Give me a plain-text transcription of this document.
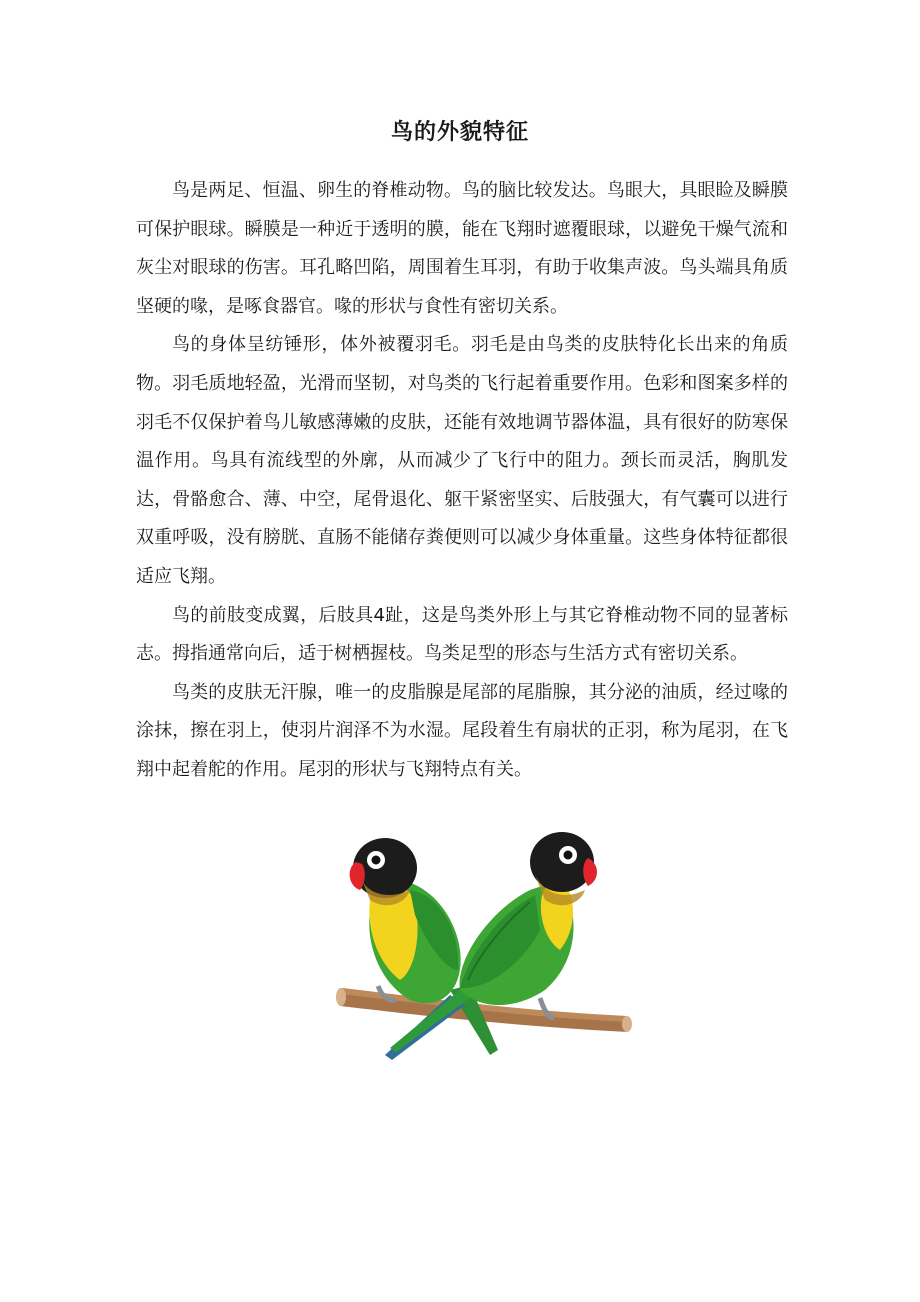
鸟的外貌特征

鸟是两足、恒温、卵生的脊椎动物。鸟的脑比较发达。鸟眼大，具眼睑及瞬膜可保护眼球。瞬膜是一种近于透明的膜，能在飞翔时遮覆眼球，以避免干燥气流和灰尘对眼球的伤害。耳孔略凹陷，周围着生耳羽，有助于收集声波。鸟头端具角质坚硬的喙，是啄食器官。喙的形状与食性有密切关系。

鸟的身体呈纺锤形，体外被覆羽毛。羽毛是由鸟类的皮肤特化长出来的角质物。羽毛质地轻盈，光滑而坚韧，对鸟类的飞行起着重要作用。色彩和图案多样的羽毛不仅保护着鸟儿敏感薄嫩的皮肤，还能有效地调节器体温，具有很好的防寒保温作用。鸟具有流线型的外廓，从而减少了飞行中的阻力。颈长而灵活，胸肌发达，骨骼愈合、薄、中空，尾骨退化、躯干紧密坚实、后肢强大，有气囊可以进行双重呼吸，没有膀胱、直肠不能储存粪便则可以减少身体重量。这些身体特征都很适应飞翔。

鸟的前肢变成翼，后肢具4趾，这是鸟类外形上与其它脊椎动物不同的显著标志。拇指通常向后，适于树栖握枝。鸟类足型的形态与生活方式有密切关系。

鸟类的皮肤无汗腺，唯一的皮脂腺是尾部的尾脂腺，其分泌的油质，经过喙的涂抹，擦在羽上，使羽片润泽不为水湿。尾段着生有扇状的正羽，称为尾羽，在飞翔中起着舵的作用。尾羽的形状与飞翔特点有关。
